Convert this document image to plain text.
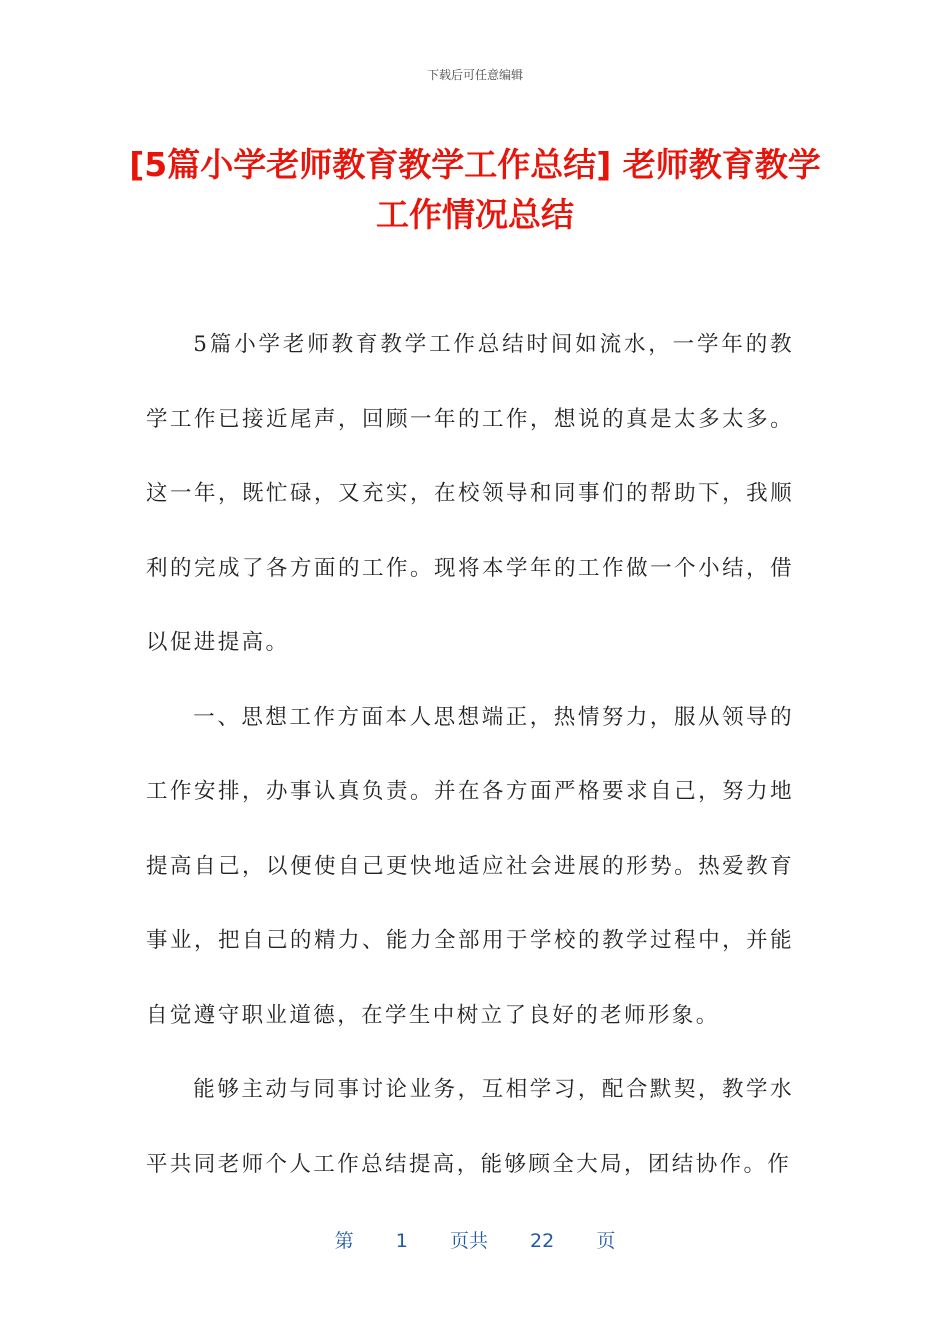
下载后可任意编辑
[5篇小学老师教育教学工作总结] 老师教育教学工作情况总结

5篇小学老师教育教学工作总结时间如流水，一学年的教学工作已接近尾声，回顾一年的工作，想说的真是太多太多。这一年，既忙碌，又充实，在校领导和同事们的帮助下，我顺利的完成了各方面的工作。现将本学年的工作做一个小结，借以促进提高。

一、思想工作方面本人思想端正，热情努力，服从领导的工作安排，办事认真负责。并在各方面严格要求自己，努力地提高自己，以便使自己更快地适应社会进展的形势。热爱教育事业，把自己的精力、能力全部用于学校的教学过程中，并能自觉遵守职业道德，在学生中树立了良好的老师形象。

能够主动与同事讨论业务，互相学习，配合默契，教学水平共同老师个人工作总结提高，能够顾全大局，团结协作。作

第 1 页共 22 页
